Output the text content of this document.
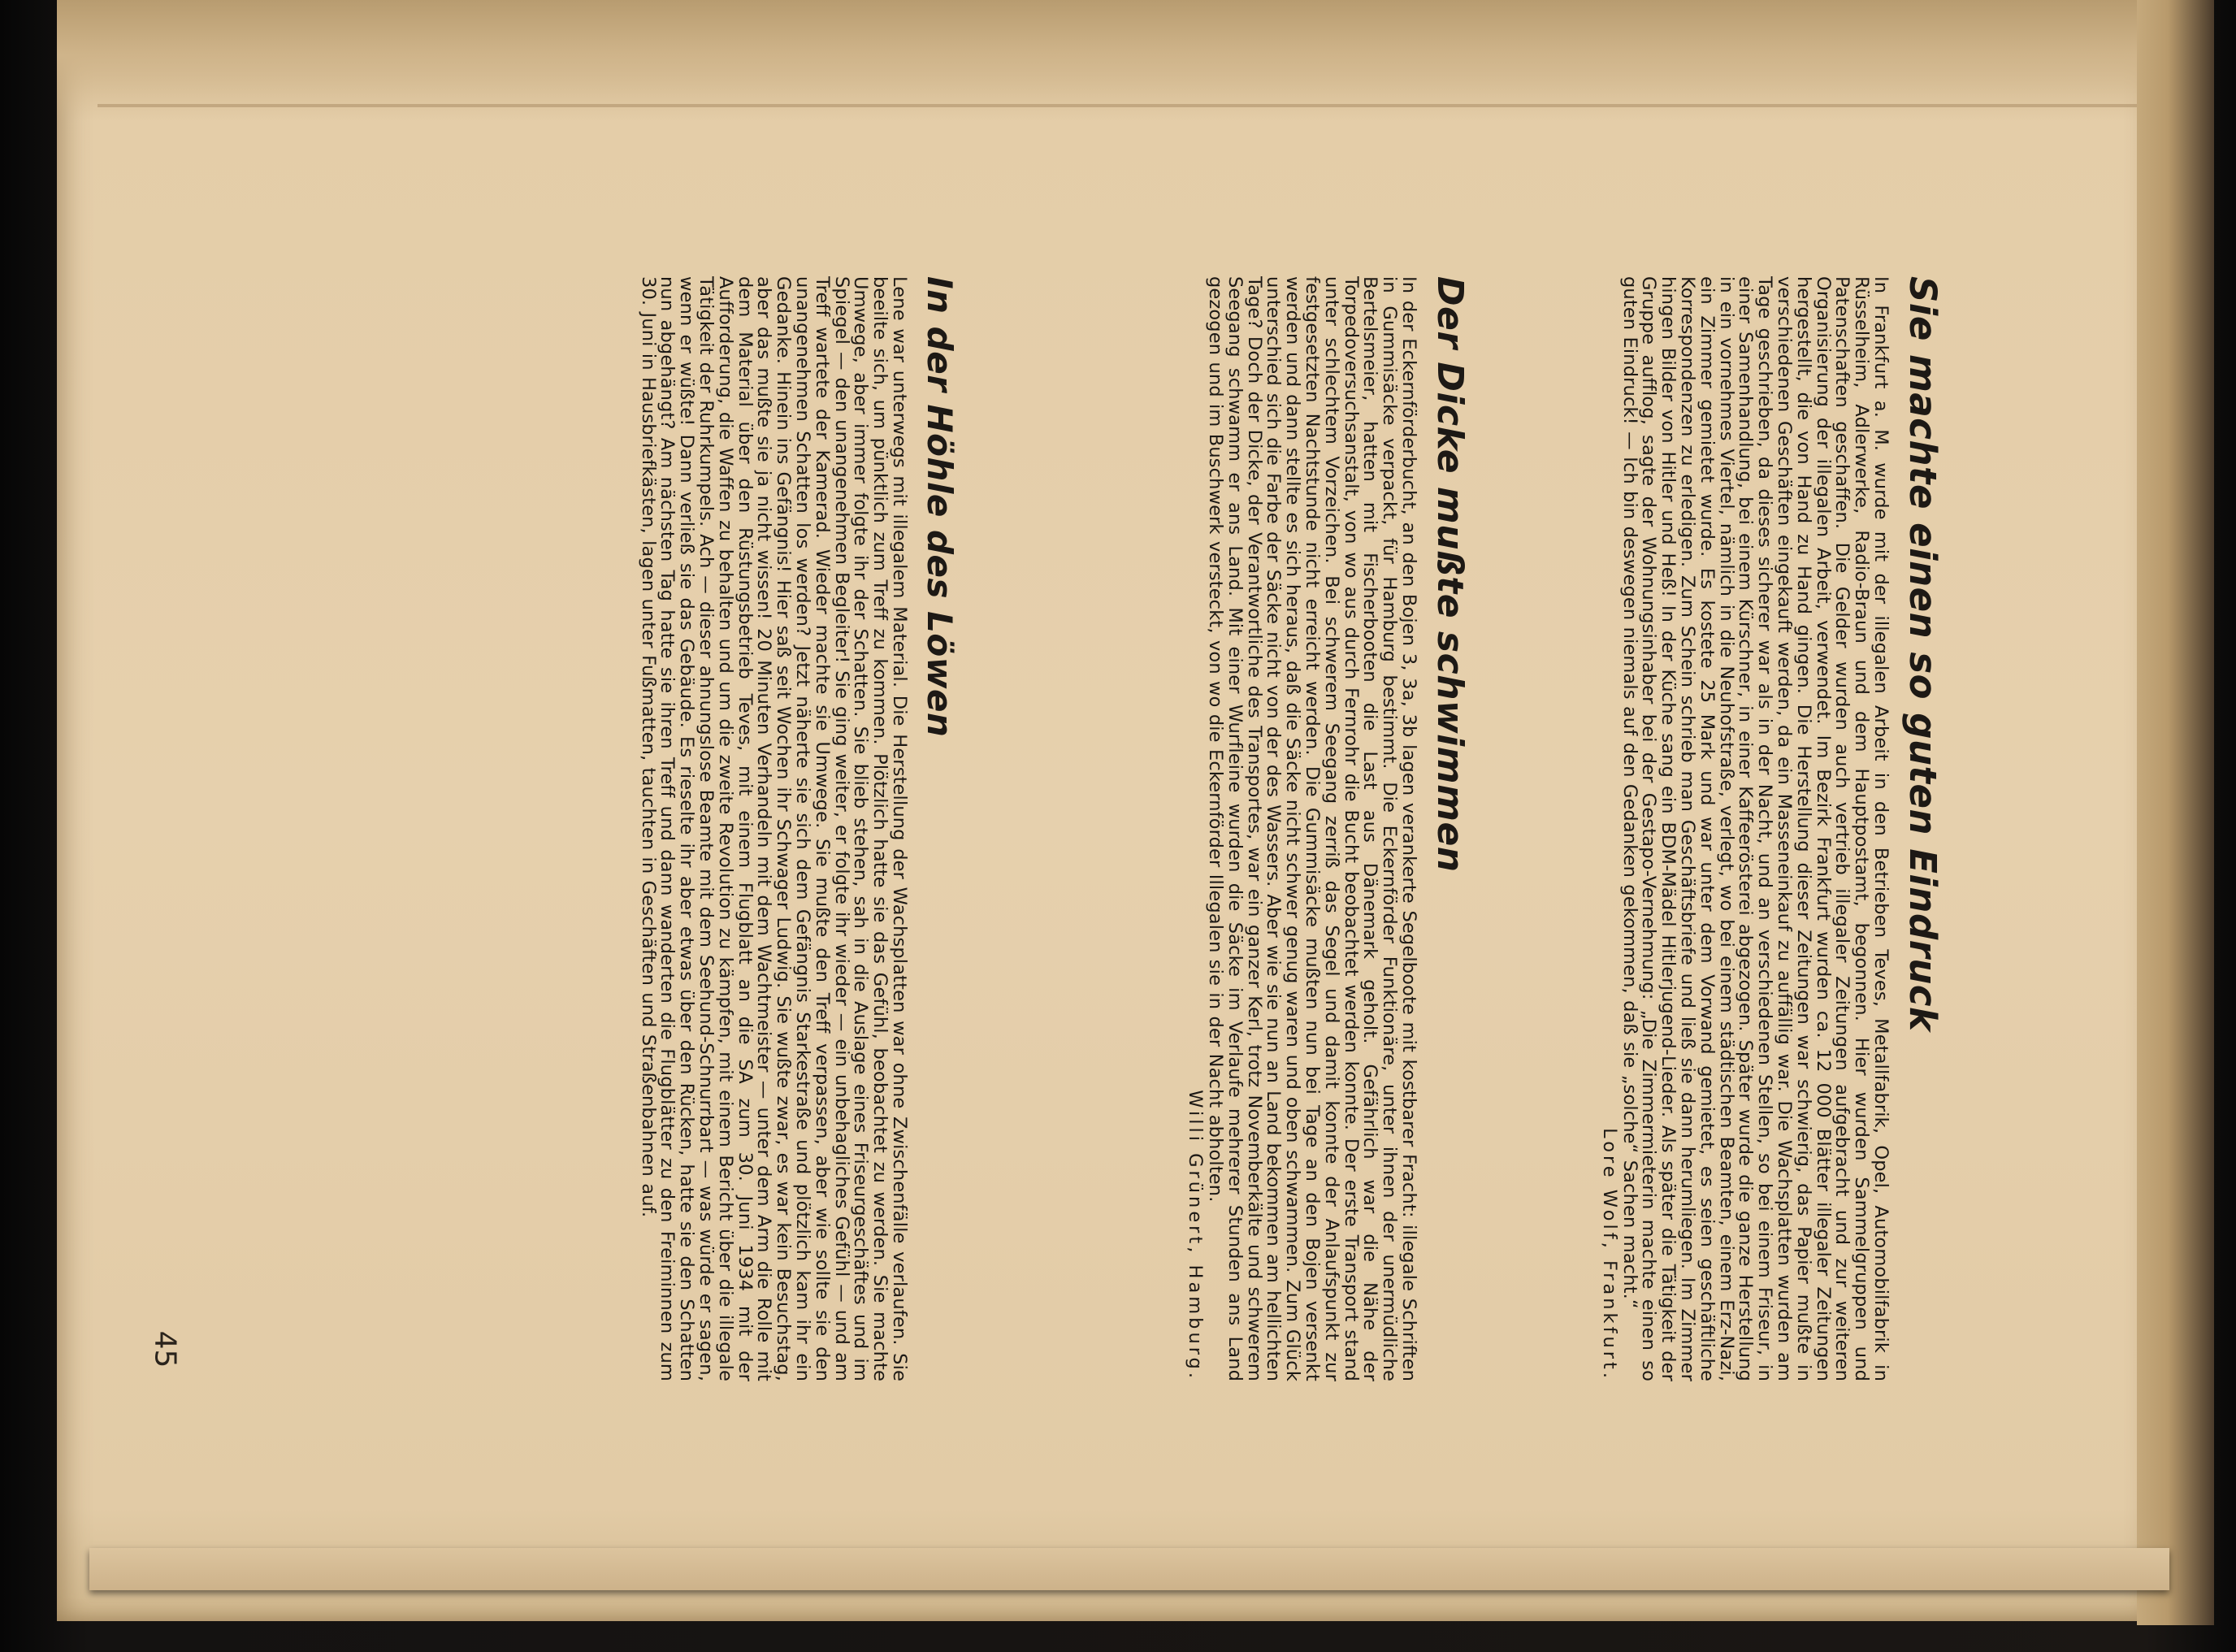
Sie machte einen so guten Eindruck

In Frankfurt a. M. wurde mit der illegalen Arbeit in den Betrieben Teves, Metallfabrik, Opel, Automobilfabrik in Rüsselheim, Adlerwerke, Radio-Braun und dem Hauptpostamt, begonnen. Hier wurden Sammelgruppen und Patenschaften geschaffen. Die Gelder wurden auch vertrieb illegaler Zeitungen aufgebracht und zur weiteren Organisierung der illegalen Arbeit, verwendet. Im Bezirk Frankfurt wurden ca. 12 000 Blätter illegaler Zeitungen hergestellt, die von Hand zu Hand gingen. Die Herstellung dieser Zeitungen war schwierig, das Papier mußte in verschiedenen Geschäften eingekauft werden, da ein Masseneinkauf zu auffällig war. Die Wachsplatten wurden am Tage geschrieben, da dieses sicherer war als in der Nacht, und an verschiedenen Stellen, so bei einem Friseur, in einer Samenhandlung, bei einem Kürschner, in einer Kaffeerösterei abgezogen. Später wurde die ganze Herstellung in ein vornehmes Viertel, nämlich in die Neuhofstraße, verlegt, wo bei einem städtischen Beamten, einem Erz-Nazi, ein Zimmer gemietet wurde. Es kostete 25 Mark und war unter dem Vorwand gemietet, es seien geschäftliche Korrespondenzen zu erledigen. Zum Schein schrieb man Geschäftsbriefe und ließ sie dann herumliegen. Im Zimmer hingen Bilder von Hitler und Heß! In der Küche sang ein BDM-Mädel Hitlerjugend-Lieder. Als später die Tätigkeit der Gruppe aufflog, sagte der Wohnungsinhaber bei der Gestapo-Vernehmung: „Die Zimmermieterin machte einen so guten Eindruck! — Ich bin deswegen niemals auf den Gedanken gekommen, daß sie „solche“ Sachen macht.“

Lore Wolf, Frankfurt.
Der Dicke mußte schwimmen

In der Eckernförderbucht, an den Bojen 3, 3a, 3b lagen verankerte Segelboote mit kostbarer Fracht: illegale Schriften in Gummisäcke verpackt, für Hamburg bestimmt. Die Eckernförder Funktionäre, unter ihnen der unermüdliche Bertelsmeier, hatten mit Fischerbooten die Last aus Dänemark geholt. Gefährlich war die Nähe der Torpedoversuchsanstalt, von wo aus durch Fernrohr die Bucht beobachtet werden konnte. Der erste Transport stand unter schlechtem Vorzeichen. Bei schwerem Seegang zerriß das Segel und damit konnte der Anlaufspunkt zur festgesetzten Nachtstunde nicht erreicht werden. Die Gummisäcke mußten nun bei Tage an den Bojen versenkt werden und dann stellte es sich heraus, daß die Säcke nicht schwer genug waren und oben schwammen. Zum Glück unterschied sich die Farbe der Säcke nicht von der des Wassers. Aber wie sie nun an Land bekommen am hellichten Tage? Doch der Dicke, der Verantwortliche des Transportes, war ein ganzer Kerl, trotz Novemberkälte und schwerem Seegang schwamm er ans Land. Mit einer Wurfleine wurden die Säcke im Verlaufe mehrerer Stunden ans Land gezogen und im Buschwerk versteckt, von wo die Eckernförder Illegalen sie in der Nacht abholten.

Willi Grünert, Hamburg.
In der Höhle des Löwen

Lene war unterwegs mit illegalem Material. Die Herstellung der Wachsplatten war ohne Zwischenfälle verlaufen. Sie beeilte sich, um pünktlich zum Treff zu kommen. Plötzlich hatte sie das Gefühl, beobachtet zu werden. Sie machte Umwege, aber immer folgte ihr der Schatten. Sie blieb stehen, sah in die Auslage eines Friseurgeschäftes und im Spiegel — den unangenehmen Begleiter! Sie ging weiter, er folgte ihr wieder — ein unbehagliches Gefühl — und am Treff wartete der Kamerad. Wieder machte sie Umwege. Sie mußte den Treff verpassen, aber wie sollte sie den unangenehmen Schatten los werden? Jetzt näherte sie sich dem Gefängnis Starkestraße und plötzlich kam ihr ein Gedanke. Hinein ins Gefängnis! Hier saß seit Wochen ihr Schwager Ludwig. Sie wußte zwar, es war kein Besuchstag, aber das mußte sie ja nicht wissen! 20 Minuten Verhandeln mit dem Wachtmeister — unter dem Arm die Rolle mit dem Material über den Rüstungsbetrieb Teves, mit einem Flugblatt an die SA zum 30. Juni 1934 mit der Aufforderung, die Waffen zu behalten und um die zweite Revolution zu kämpfen, mit einem Bericht über die illegale Tätigkeit der Ruhrkumpels. Ach — dieser ahnungslose Beamte mit dem Seehund-Schnurrbart — was würde er sagen, wenn er wüßte! Dann verließ sie das Gebäude. Es rieselte ihr aber etwas über den Rücken, hatte sie den Schatten nun abgehängt? Am nächsten Tag hatte sie ihren Treff und dann wanderten die Flugblätter zu den Freiminnen zum 30. Juni in Hausbriefkästen, lagen unter Fußmatten, tauchten in Geschäften und Straßenbahnen auf.

45
